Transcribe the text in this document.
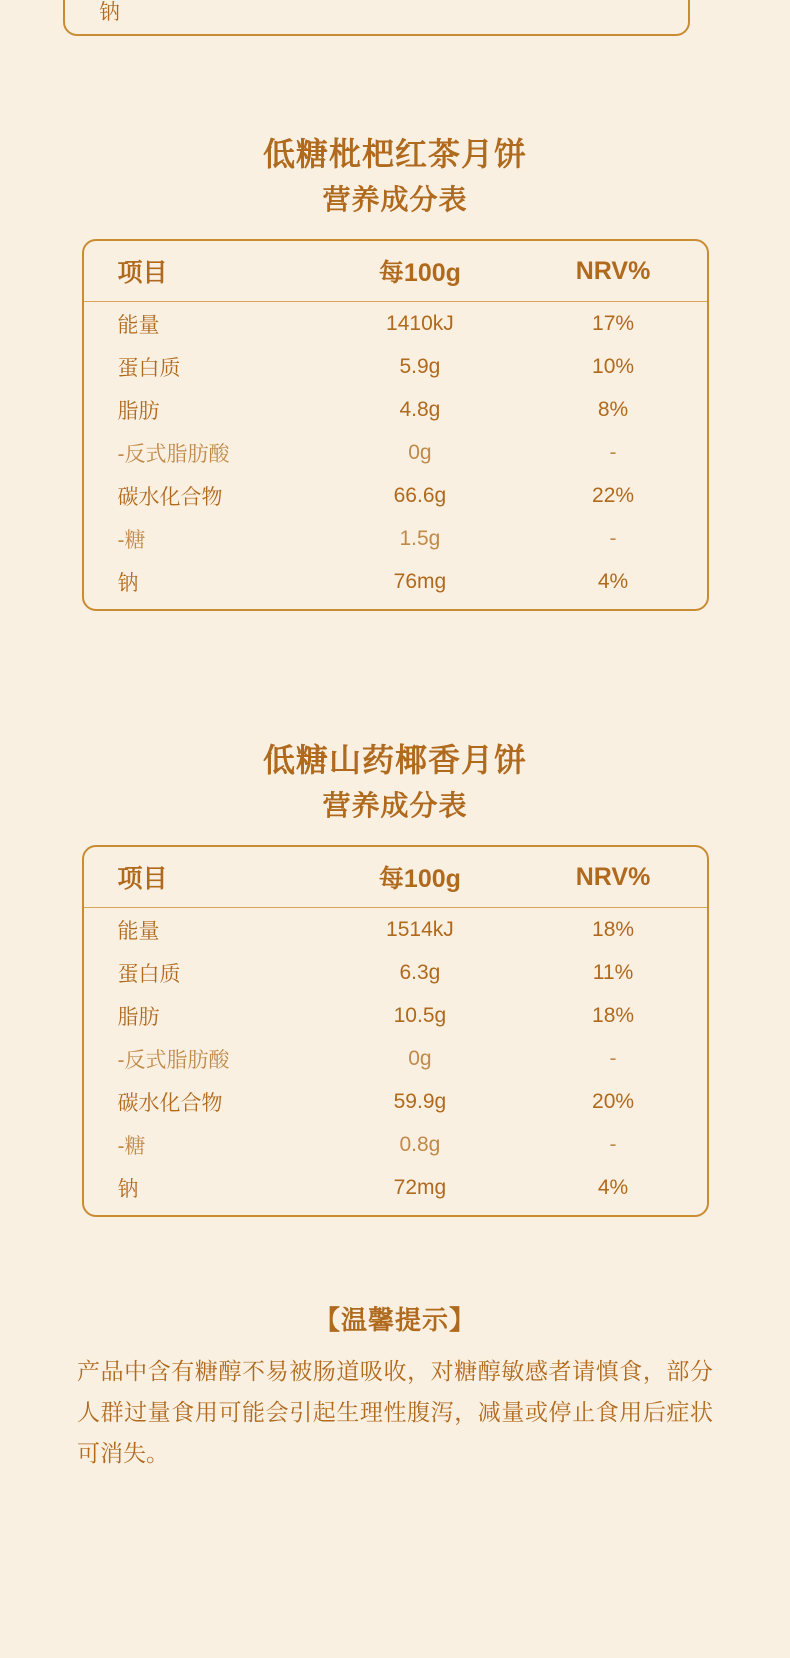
钠
低糖枇杷红茶月饼
营养成分表
项目	每100g	NRV%
能量	1410kJ	17%
蛋白质	5.9g	10%
脂肪	4.8g	8%
-反式脂肪酸	0g	-
碳水化合物	66.6g	22%
-糖	1.5g	-
钠	76mg	4%
低糖山药椰香月饼
营养成分表
项目	每100g	NRV%
能量	1514kJ	18%
蛋白质	6.3g	11%
脂肪	10.5g	18%
-反式脂肪酸	0g	-
碳水化合物	59.9g	20%
-糖	0.8g	-
钠	72mg	4%
【温馨提示】
产品中含有糖醇不易被肠道吸收，对糖醇敏感者请慎食，部分人群过量食用可能会引起生理性腹泻，减量或停止食用后症状可消失。
